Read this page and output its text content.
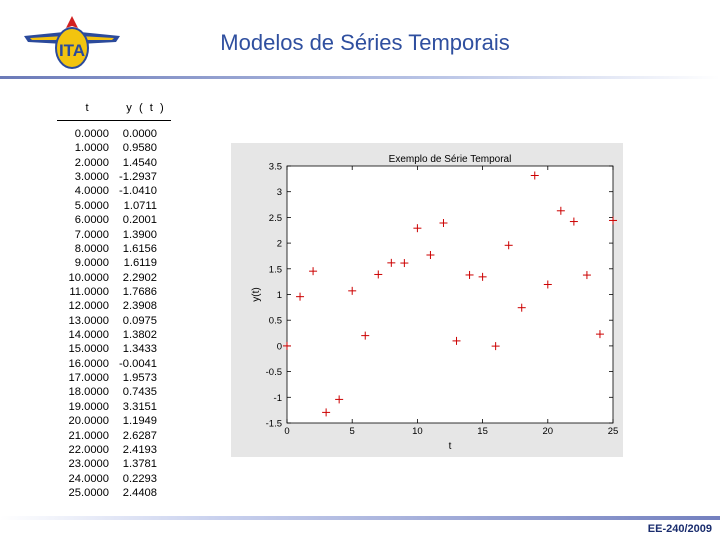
ITA	Modelos de Séries Temporais
t	y ( t )
0.0000	0.0000
1.0000	0.9580
2.0000	1.4540
3.0000 -1.2937
4.0000 -1.0410
5.0000	1.0711
6.0000	0.2001
7.0000	1.3900
8.0000	1.6156
9.0000	1.6119
10.0000	2.2902
11.0000	1.7686
12.0000	2.3908
13.0000	0.0975
14.0000	1.3802
15.0000	1.3433
16.0000 -0.0041
17.0000	1.9573
18.0000	0.7435
19.0000	3.3151
20.0000	1.1949
21.0000	2.6287
22.0000	2.4193
23.0000	1.3781
24.0000	0.2293
25.0000	2.4408
Exemplo de Série Temporal
0	5	10	15	20	25
-1.5
-1
-0.5
0
0.5
1
1.5
2
2.5
3
3.5
t
y(t)
EE-240/2009
